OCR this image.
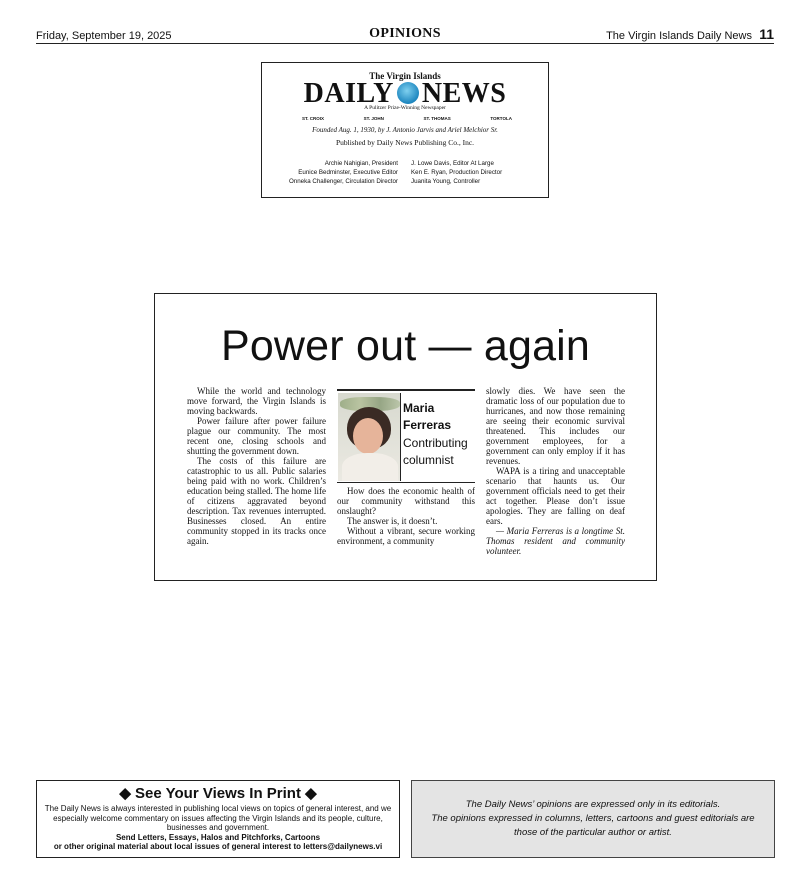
Friday, September 19, 2025	OPINIONS	The Virgin Islands Daily News 11
The Virgin Islands
DAILY NEWS
A Pulitzer Prize-Winning Newspaper
ST. CROIX	ST. JOHN	ST. THOMAS	TORTOLA
Founded Aug. 1, 1930, by J. Antonio Jarvis and Ariel Melchior Sr.
Published by Daily News Publishing Co., Inc.
Archie Nahigian, President
Eunice Bedminster, Executive Editor
Onneka Challenger, Circulation Director
J. Lowe Davis, Editor At Large
Ken E. Ryan, Production Director
Juanita Young, Controller
Power out — again

While the world and technology move forward, the Virgin Islands is moving backwards.

Power failure after power failure plague our community. The most recent one, closing schools and shutting the government down.

The costs of this failure are catastrophic to us all. Public salaries being paid with no work. Children’s education being stalled. The home life of citizens aggravated beyond description. Tax revenues interrupted. Businesses closed. An entire community stopped in its tracks once again.

Maria
Ferreras
Contributing
columnist

How does the economic health of our community withstand this onslaught?

The answer is, it doesn’t.

Without a vibrant, secure working environment, a community

slowly dies. We have seen the dramatic loss of our population due to hurricanes, and now those remaining are seeing their economic survival threatened. This includes our government employees, for a government can only employ if it has revenues.

WAPA is a tiring and unacceptable scenario that haunts us. Our government officials need to get their act together. Please don’t issue apologies. They are falling on deaf ears.

— Maria Ferreras is a longtime St. Thomas resident and community volunteer.

◆ See Your Views In Print ◆
The Daily News is always interested in publishing local views on topics of general interest, and we especially welcome commentary on issues affecting the Virgin Islands and its people, culture, businesses and government.
Send Letters, Essays, Halos and Pitchforks, Cartoons
or other original material about local issues of general interest to letters@dailynews.vi
The Daily News’ opinions are expressed only in its editorials.
The opinions expressed in columns, letters, cartoons and guest editorials are those of the particular author or artist.
